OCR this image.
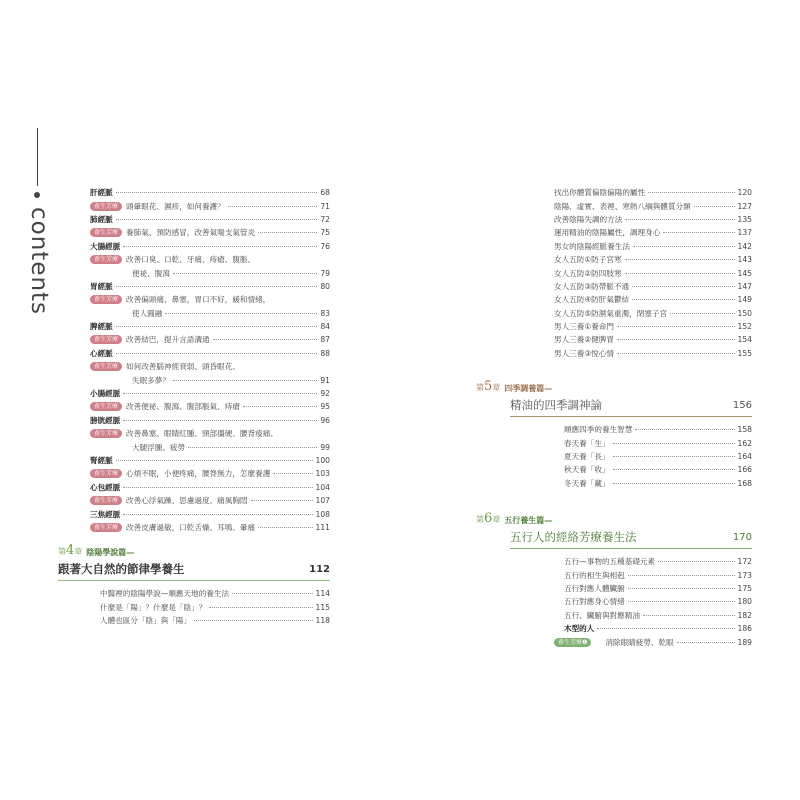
contents
肝經脈	68
養生芳療	頭暈眼花、濕疹，如何養護？	71
肺經脈	72
養生芳療	養肺氣、預防感冒，改善氣喘支氣管炎	75
大腸經脈	76
養生芳療	改善口臭、口乾、牙痛、痔瘡、腹脹、
便祕、腹瀉	79
胃經脈	80
養生芳療	改善偏頭痛、鼻塞，胃口不好，緩和情緒，
使人圓融	83
脾經脈	84
養生芳療	改善結巴，提升言語溝通	87
心經脈	88
養生芳療	如何改善腦神經衰弱、頭昏眼花、
失眠多夢？	91
小腸經脈	92
養生芳療	改善便祕、腹瀉、腹部脹氣、痔瘡	95
膀胱經脈	96
養生芳療	改善鼻塞、眼睛紅腫、頸部僵硬、腰背痠痛、
大腿浮腫、疲勞	99
腎經脈	100
養生芳療	心煩不眠，小便疼痛，腰脊無力，怎麼養護	103
心包經脈	104
養生芳療	改善心浮氣躁、思慮過度、痛風胸悶	107
三焦經脈	108
養生芳療	改善皮膚過敏，口乾舌燥、耳鳴、暈痛	111
第4章 陰陽學說篇—
跟著大自然的節律學養生	112
中醫裡的陰陽學說—順應天地的養生法	114
什麼是「陽」？什麼是「陰」？	115
人體也區分「陰」與「陽」	118
找出你體質偏陰偏陽的屬性	120
陰陽、虛實、表裡、寒熱八綱與體質分類	127
改善陰陽失調的方法	135
運用精油的陰陽屬性，調理身心	137
男女的陰陽經脈養生法	142
女人五防①防子宮寒	143
女人五防②防四肢寒	145
女人五防③防帶脈不通	147
女人五防④防肝氣鬱結	149
女人五防⑤防濕氣重濁，閉塞子宮	150
男人三養①養命門	152
男人三養②健脾胃	154
男人三養③悅心情	155
第5章 四季調養篇—
精油的四季調神論	156
順應四季的養生智慧	158
春天養「生」	162
夏天養「長」	164
秋天養「收」	166
冬天養「藏」	168
第6章 五行養生篇—
五行人的經絡芳療養生法	170
五行—事物的五種基礎元素	172
五行的相生與相剋	173
五行對應人體臟腑	175
五行對應身心情緒	180
五行、臟腑與對應精油	182
木型的人	186
養生芳療❶	消除眼睛疲勞、乾眼	189
